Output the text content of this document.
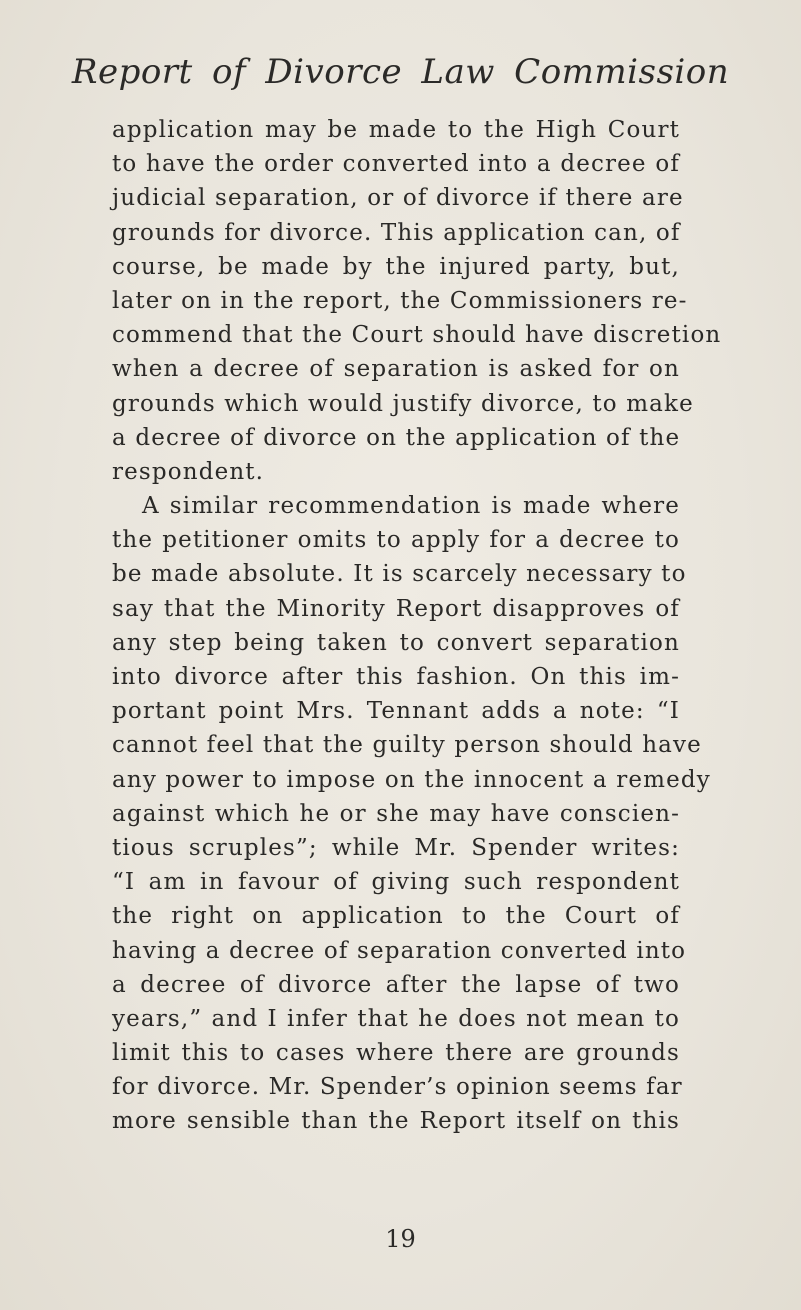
Report of Divorce Law Commission
application may be made to the High Court
to have the order converted into a decree of
judicial separation, or of divorce if there are
grounds for divorce. This application can, of
course, be made by the injured party, but,
later on in the report, the Commissioners re-
commend that the Court should have discretion
when a decree of separation is asked for on
grounds which would justify divorce, to make
a decree of divorce on the application of the
respondent.
A similar recommendation is made where
the petitioner omits to apply for a decree to
be made absolute. It is scarcely necessary to
say that the Minority Report disapproves of
any step being taken to convert separation
into divorce after this fashion. On this im-
portant point Mrs. Tennant adds a note: “I
cannot feel that the guilty person should have
any power to impose on the innocent a remedy
against which he or she may have conscien-
tious scruples”; while Mr. Spender writes:
“I am in favour of giving such respondent
the right on application to the Court of
having a decree of separation converted into
a decree of divorce after the lapse of two
years,” and I infer that he does not mean to
limit this to cases where there are grounds
for divorce. Mr. Spender’s opinion seems far
more sensible than the Report itself on this
19
